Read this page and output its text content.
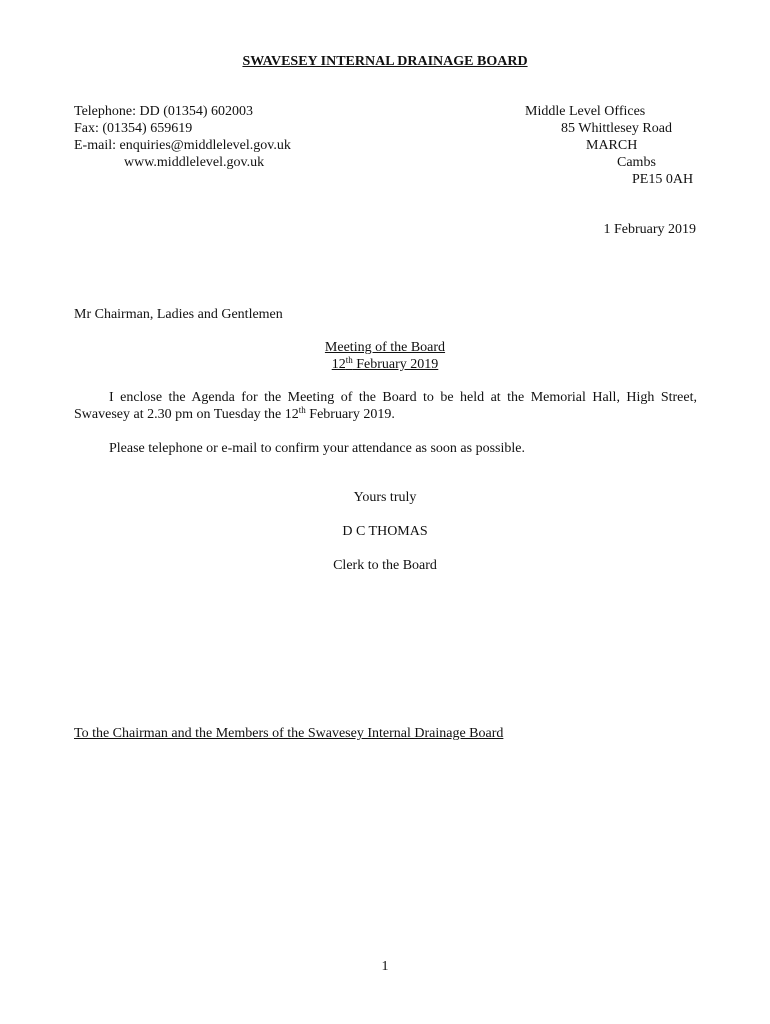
SWAVESEY INTERNAL DRAINAGE BOARD
Telephone: DD (01354) 602003
Fax: (01354) 659619
E-mail: enquiries@middlelevel.gov.uk
www.middlelevel.gov.uk
Middle Level Offices
85 Whittlesey Road
MARCH
Cambs
PE15 0AH
1 February 2019
Mr Chairman, Ladies and Gentlemen
Meeting of the Board
12th February 2019
I enclose the Agenda for the Meeting of the Board to be held at the Memorial Hall, High Street, Swavesey at 2.30 pm on Tuesday the 12th February 2019.
Please telephone or e-mail to confirm your attendance as soon as possible.
Yours truly
D C THOMAS
Clerk to the Board
To the Chairman and the Members of the Swavesey Internal Drainage Board
1
